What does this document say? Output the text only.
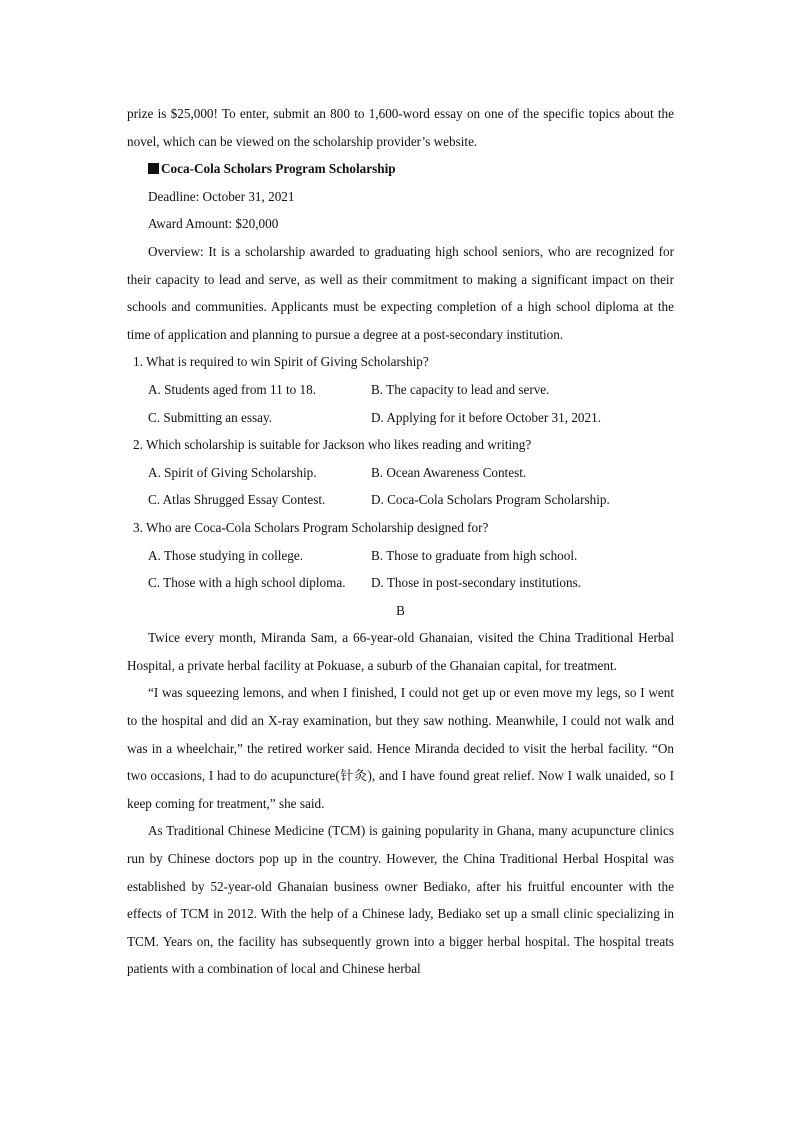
prize is $25,000! To enter, submit an 800 to 1,600-word essay on one of the specific topics about the novel, which can be viewed on the scholarship provider’s website.

Coca-Cola Scholars Program Scholarship
Deadline: October 31, 2021
Award Amount: $20,000

Overview: It is a scholarship awarded to graduating high school seniors, who are recognized for their capacity to lead and serve, as well as their commitment to making a significant impact on their schools and communities. Applicants must be expecting completion of a high school diploma at the time of application and planning to pursue a degree at a post-secondary institution.

1. What is required to win Spirit of Giving Scholarship?
A. Students aged from 11 to 18.	B. The capacity to lead and serve.
C. Submitting an essay.	D. Applying for it before October 31, 2021.
2. Which scholarship is suitable for Jackson who likes reading and writing?
A. Spirit of Giving Scholarship.	B. Ocean Awareness Contest.
C. Atlas Shrugged Essay Contest.	D. Coca-Cola Scholars Program Scholarship.
3. Who are Coca-Cola Scholars Program Scholarship designed for?
A. Those studying in college.	B. Those to graduate from high school.
C. Those with a high school diploma.	D. Those in post-secondary institutions.
B

Twice every month, Miranda Sam, a 66-year-old Ghanaian, visited the China Traditional Herbal Hospital, a private herbal facility at Pokuase, a suburb of the Ghanaian capital, for treatment.

“I was squeezing lemons, and when I finished, I could not get up or even move my legs, so I went to the hospital and did an X-ray examination, but they saw nothing. Meanwhile, I could not walk and was in a wheelchair,” the retired worker said. Hence Miranda decided to visit the herbal facility. “On two occasions, I had to do acupuncture(针灸), and I have found great relief. Now I walk unaided, so I keep coming for treatment,” she said.

As Traditional Chinese Medicine (TCM) is gaining popularity in Ghana, many acupuncture clinics run by Chinese doctors pop up in the country. However, the China Traditional Herbal Hospital was established by 52-year-old Ghanaian business owner Bediako, after his fruitful encounter with the effects of TCM in 2012. With the help of a Chinese lady, Bediako set up a small clinic specializing in TCM. Years on, the facility has subsequently grown into a bigger herbal hospital. The hospital treats patients with a combination of local and Chinese herbal
